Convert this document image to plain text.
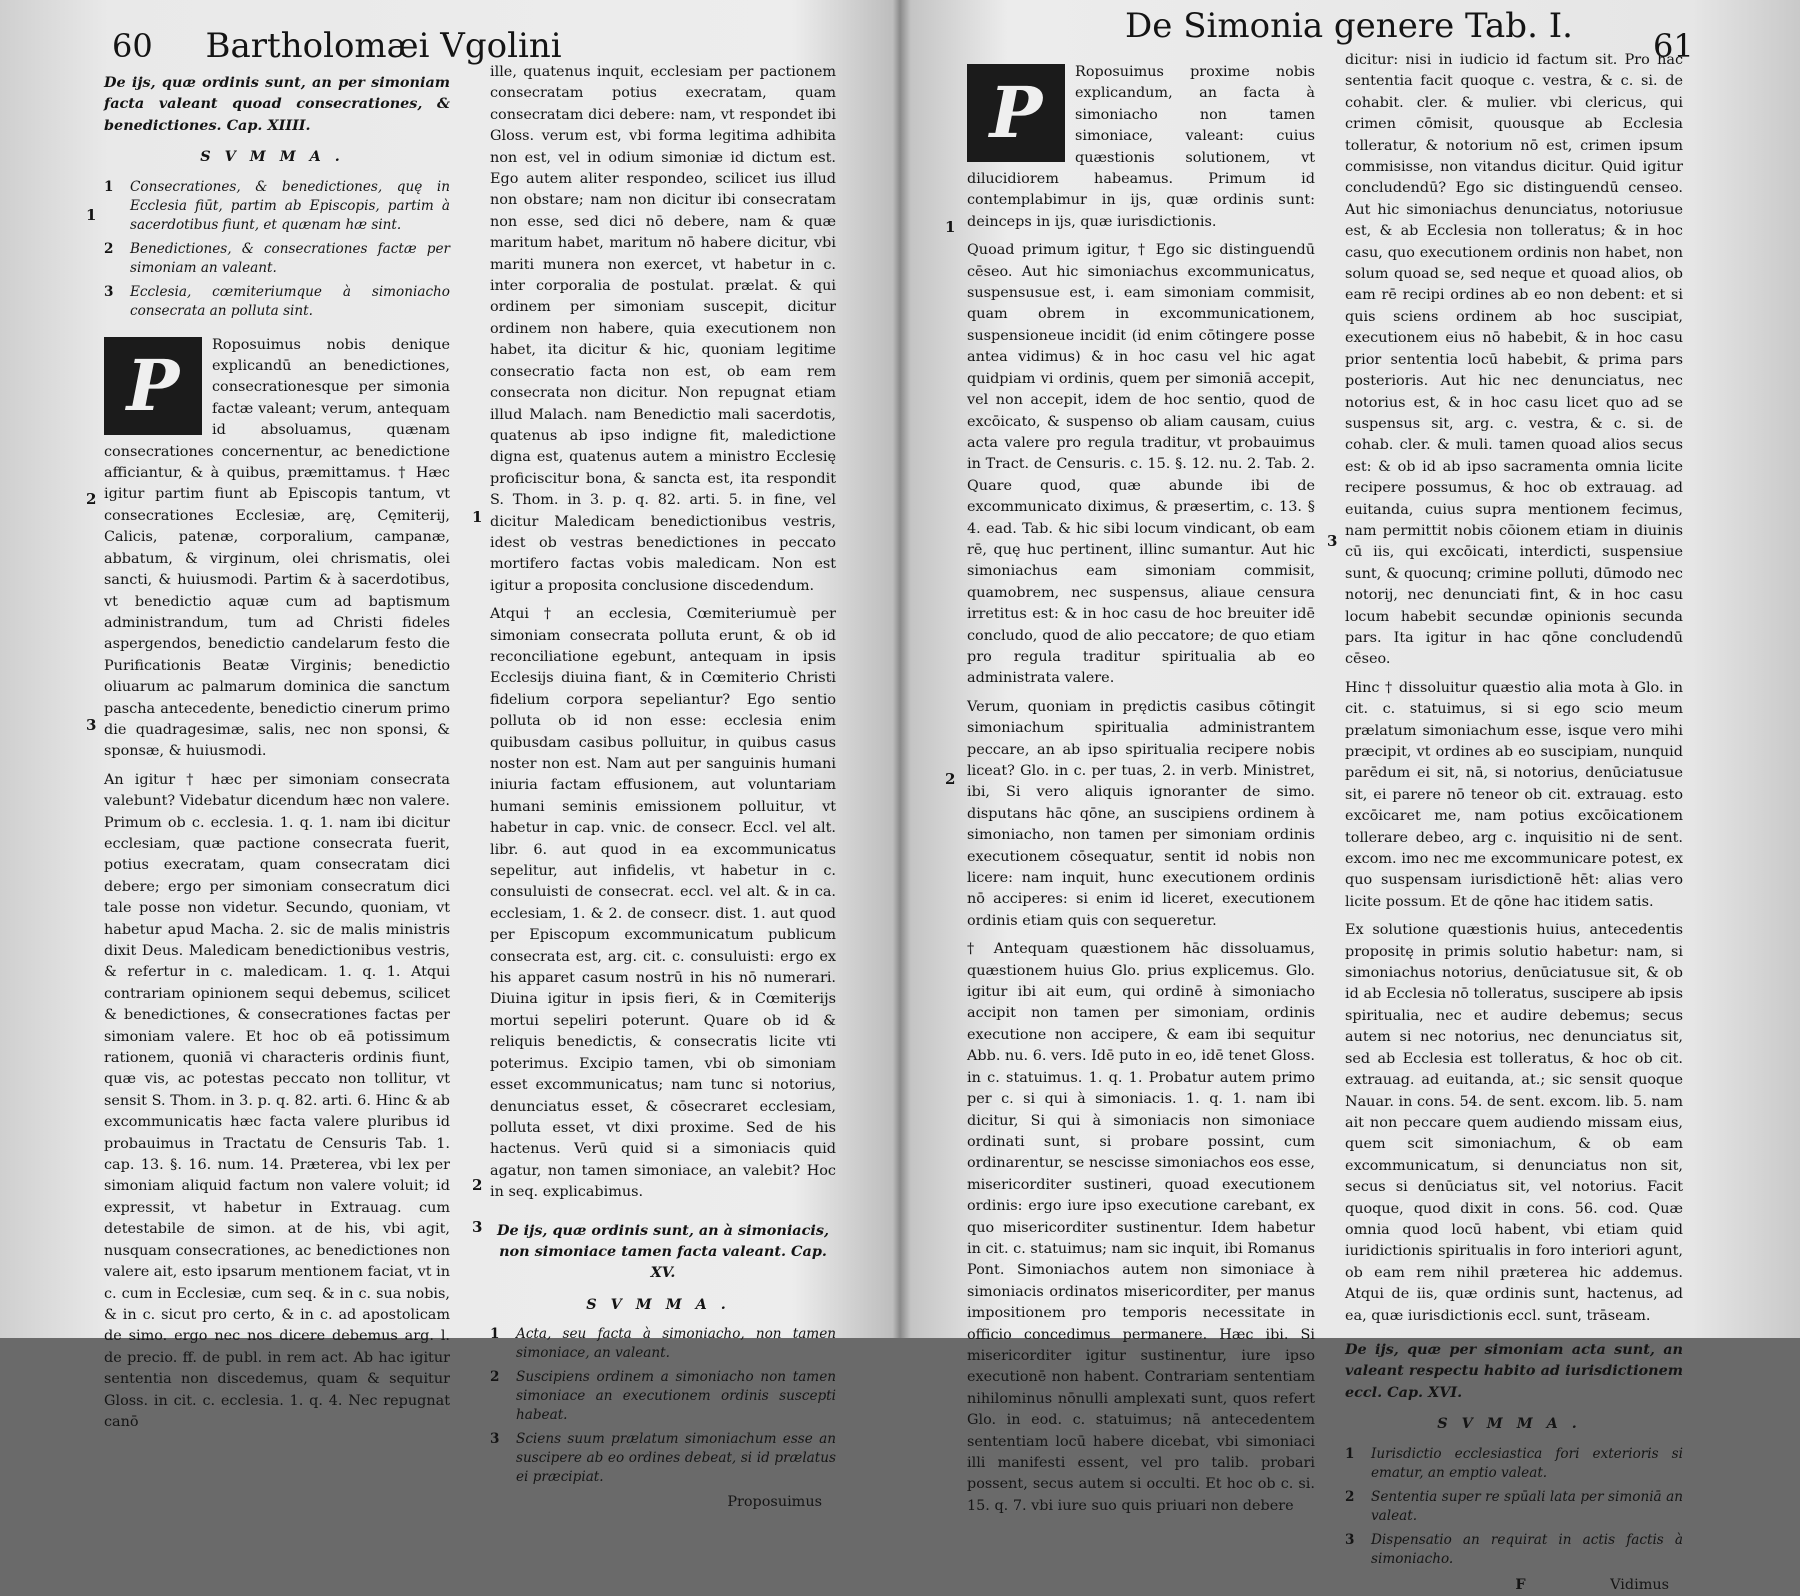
60 Bartholomæi Vgolini
De ijs, quæ ordinis sunt, an per simoniam facta valeant quoad consecrationes, & benedictiones. Cap. XIIII.
SVMMA.
1 Consecrationes, & benedictiones, quę in Ecclesia fiūt, partim ab Episcopis, partim à sacerdotibus fiunt, et quænam hæ sint.
2 Benedictiones, & consecrationes factæ per simoniam an valeant.
3 Ecclesia, cœmiteriumque à simoniacho consecrata an polluta sint.

P	Roposuimus nobis denique explicandū an benedictiones, consecrationesque per simonia factæ valeant; verum, antequam id absoluamus, quænam consecrationes concernentur, ac benedictione afficiantur, & à quibus, præmittamus. † Hæc igitur partim fiunt ab Episcopis tantum, vt consecrationes Ecclesiæ, arę, Cęmiterij, Calicis, patenæ, corporalium, campanæ, abbatum, & virginum, olei chrismatis, olei sancti, & huiusmodi. Partim & à sacerdotibus, vt benedictio aquæ cum ad baptismum administrandum, tum ad Christi fideles aspergendos, benedictio candelarum festo die Purificationis Beatæ Virginis; benedictio oliuarum ac palmarum dominica die sanctum pascha antecedente, benedictio cinerum primo die quadragesimæ, salis, nec non sponsi, & sponsæ, & huiusmodi.

An igitur † hæc per simoniam consecrata valebunt? Videbatur dicendum hæc non valere. Primum ob c. ecclesia. 1. q. 1. nam ibi dicitur ecclesiam, quæ pactione consecrata fuerit, potius execratam, quam consecratam dici debere; ergo per simoniam consecratum dici tale posse non videtur. Secundo, quoniam, vt habetur apud Macha. 2. sic de malis ministris dixit Deus. Maledicam benedictionibus vestris, & refertur in c. maledicam. 1. q. 1. Atqui contrariam opinionem sequi debemus, scilicet & benedictiones, & consecrationes factas per simoniam valere. Et hoc ob eā potissimum rationem, quoniā vi characteris ordinis fiunt, quæ vis, ac potestas peccato non tollitur, vt sensit S. Thom. in 3. p. q. 82. arti. 6. Hinc & ab excommunicatis hæc facta valere pluribus id probauimus in Tractatu de Censuris Tab. 1. cap. 13. §. 16. num. 14. Præterea, vbi lex per simoniam aliquid factum non valere voluit; id expressit, vt habetur in Extrauag. cum detestabile de simon. at de his, vbi agit, nusquam consecrationes, ac benedictiones non valere ait, esto ipsarum mentionem faciat, vt in c. cum in Ecclesiæ, cum seq. & in c. sua nobis, & in c. sicut pro certo, & in c. ad apostolicam de simo. ergo nec nos dicere debemus arg. l. de precio. ff. de publ. in rem act. Ab hac igitur sententia non discedemus, quam & sequitur Gloss. in cit. c. ecclesia. 1. q. 4. Nec repugnat canō

ille, quatenus inquit, ecclesiam per pactionem consecratam potius execratam, quam consecratam dici debere: nam, vt respondet ibi Gloss. verum est, vbi forma legitima adhibita non est, vel in odium simoniæ id dictum est. Ego autem aliter respondeo, scilicet ius illud non obstare; nam non dicitur ibi consecratam non esse, sed dici nō debere, nam & quæ maritum habet, maritum nō habere dicitur, vbi mariti munera non exercet, vt habetur in c. inter corporalia de postulat. prælat. & qui ordinem per simoniam suscepit, dicitur ordinem non habere, quia executionem non habet, ita dicitur & hic, quoniam legitime consecratio facta non est, ob eam rem consecrata non dicitur. Non repugnat etiam illud Malach. nam Benedictio mali sacerdotis, quatenus ab ipso indigne fit, maledictione digna est, quatenus autem a ministro Ecclesię proficiscitur bona, & sancta est, ita respondit S. Thom. in 3. p. q. 82. arti. 5. in fine, vel dicitur Maledicam benedictionibus vestris, idest ob vestras benedictiones in peccato mortifero factas vobis maledicam. Non est igitur a proposita conclusione discedendum.

Atqui † an ecclesia, Cœmiteriumuè per simoniam consecrata polluta erunt, & ob id reconciliatione egebunt, antequam in ipsis Ecclesijs diuina fiant, & in Cœmiterio Christi fidelium corpora sepeliantur? Ego sentio polluta ob id non esse: ecclesia enim quibusdam casibus polluitur, in quibus casus noster non est. Nam aut per sanguinis humani iniuria factam effusionem, aut voluntariam humani seminis emissionem polluitur, vt habetur in cap. vnic. de consecr. Eccl. vel alt. libr. 6. aut quod in ea excommunicatus sepelitur, aut infidelis, vt habetur in c. consuluisti de consecrat. eccl. vel alt. & in ca. ecclesiam, 1. & 2. de consecr. dist. 1. aut quod per Episcopum excommunicatum publicum consecrata est, arg. cit. c. consuluisti: ergo ex his apparet casum nostrū in his nō numerari. Diuina igitur in ipsis fieri, & in Cœmiterijs mortui sepeliri poterunt. Quare ob id & reliquis benedictis, & consecratis licite vti poterimus. Excipio tamen, vbi ob simoniam esset excommunicatus; nam tunc si notorius, denunciatus esset, & cōsecraret ecclesiam, polluta esset, vt dixi proxime. Sed de his hactenus. Verū quid si a simoniacis quid agatur, non tamen simoniace, an valebit? Hoc in seq. explicabimus.

De ijs, quæ ordinis sunt, an à simoniacis, non simoniace tamen facta valeant. Cap. XV.
SVMMA.
1 Acta, seu facta à simoniacho, non tamen simoniace, an valeant.
2 Suscipiens ordinem a simoniacho non tamen simoniace an executionem ordinis suscepti habeat.
3 Sciens suum prælatum simoniachum esse an suscipere ab eo ordines debeat, si id prælatus ei præcipiat.
Proposuimus
1
2
3
1
2
3
De Simonia genere Tab. I.	61

P	Roposuimus proxime nobis explicandum, an facta à simoniacho non tamen simoniace, valeant: cuius quæstionis solutionem, vt dilucidiorem habeamus. Primum id contemplabimur in ijs, quæ ordinis sunt: deinceps in ijs, quæ iurisdictionis.

Quoad primum igitur, † Ego sic distinguendū cēseo. Aut hic simoniachus excommunicatus, suspensusue est, i. eam simoniam commisit, quam obrem in excommunicationem, suspensioneue incidit (id enim cōtingere posse antea vidimus) & in hoc casu vel hic agat quidpiam vi ordinis, quem per simoniā accepit, vel non accepit, idem de hoc sentio, quod de excōicato, & suspenso ob aliam causam, cuius acta valere pro regula traditur, vt probauimus in Tract. de Censuris. c. 15. §. 12. nu. 2. Tab. 2. Quare quod, quæ abunde ibi de excommunicato diximus, & præsertim, c. 13. § 4. ead. Tab. & hic sibi locum vindicant, ob eam rē, quę huc pertinent, illinc sumantur. Aut hic simoniachus eam simoniam commisit, quamobrem, nec suspensus, aliaue censura irretitus est: & in hoc casu de hoc breuiter idē concludo, quod de alio peccatore; de quo etiam pro regula traditur spiritualia ab eo administrata valere.

Verum, quoniam in prędictis casibus cōtingit simoniachum spiritualia administrantem peccare, an ab ipso spiritualia recipere nobis liceat? Glo. in c. per tuas, 2. in verb. Ministret, ibi, Si vero aliquis ignoranter de simo. disputans hāc qōne, an suscipiens ordinem à simoniacho, non tamen per simoniam ordinis executionem cōsequatur, sentit id nobis non licere: nam inquit, hunc executionem ordinis nō acciperes: si enim id liceret, executionem ordinis etiam quis con sequeretur.

† Antequam quæstionem hāc dissoluamus, quæstionem huius Glo. prius explicemus. Glo. igitur ibi ait eum, qui ordinē à simoniacho accipit non tamen per simoniam, ordinis executione non accipere, & eam ibi sequitur Abb. nu. 6. vers. Idē puto in eo, idē tenet Gloss. in c. statuimus. 1. q. 1. Probatur autem primo per c. si qui à simoniacis. 1. q. 1. nam ibi dicitur, Si qui à simoniacis non simoniace ordinati sunt, si probare possint, cum ordinarentur, se nescisse simoniachos eos esse, misericorditer sustineri, quoad executionem ordinis: ergo iure ipso executione carebant, ex quo misericorditer sustinentur. Idem habetur in cit. c. statuimus; nam sic inquit, ibi Romanus Pont. Simoniachos autem non simoniace à simoniacis ordinatos misericorditer, per manus impositionem pro temporis necessitate in officio concedimus permanere. Hæc ibi. Si misericorditer igitur sustinentur, iure ipso executionē non habent. Contrariam sententiam nihilominus nōnulli amplexati sunt, quos refert Glo. in eod. c. statuimus; nā antecedentem sententiam locū habere dicebat, vbi simoniaci illi manifesti essent, vel pro talib. probari possent, secus autem si occulti. Et hoc ob c. si. 15. q. 7. vbi iure suo quis priuari non debere

dicitur: nisi in iudicio id factum sit. Pro hac sententia facit quoque c. vestra, & c. si. de cohabit. cler. & mulier. vbi clericus, qui crimen cōmisit, quousque ab Ecclesia tolleratur, & notorium nō est, crimen ipsum commisisse, non vitandus dicitur. Quid igitur concludendū? Ego sic distinguendū censeo. Aut hic simoniachus denunciatus, notoriusue est, & ab Ecclesia non tolleratus; & in hoc casu, quo executionem ordinis non habet, non solum quoad se, sed neque et quoad alios, ob eam rē recipi ordines ab eo non debent: et si quis sciens ordinem ab hoc suscipiat, executionem eius nō habebit, & in hoc casu prior sententia locū habebit, & prima pars posterioris. Aut hic nec denunciatus, nec notorius est, & in hoc casu licet quo ad se suspensus sit, arg. c. vestra, & c. si. de cohab. cler. & muli. tamen quoad alios secus est: & ob id ab ipso sacramenta omnia licite recipere possumus, & hoc ob extrauag. ad euitanda, cuius supra mentionem fecimus, nam permittit nobis cōionem etiam in diuinis cū iis, qui excōicati, interdicti, suspensiue sunt, & quocunq; crimine polluti, dūmodo nec notorij, nec denunciati fint, & in hoc casu locum habebit secundæ opinionis secunda pars. Ita igitur in hac qōne concludendū cēseo.

Hinc † dissoluitur quæstio alia mota à Glo. in cit. c. statuimus, si si ego scio meum prælatum simoniachum esse, isque vero mihi præcipit, vt ordines ab eo suscipiam, nunquid parēdum ei sit, nā, si notorius, denūciatusue sit, ei parere nō teneor ob cit. extrauag. esto excōicaret me, nam potius excōicationem tollerare debeo, arg c. inquisitio ni de sent. excom. imo nec me excommunicare potest, ex quo suspensam iurisdictionē hēt: alias vero licite possum. Et de qōne hac itidem satis.

Ex solutione quæstionis huius, antecedentis propositę in primis solutio habetur: nam, si simoniachus notorius, denūciatusue sit, & ob id ab Ecclesia nō tolleratus, suscipere ab ipsis spiritualia, nec et audire debemus; secus autem si nec notorius, nec denunciatus sit, sed ab Ecclesia est tolleratus, & hoc ob cit. extrauag. ad euitanda, at.; sic sensit quoque Nauar. in cons. 54. de sent. excom. lib. 5. nam ait non peccare quem audiendo missam eius, quem scit simoniachum, & ob eam excommunicatum, si denunciatus non sit, secus si denūciatus sit, vel notorius. Facit quoque, quod dixit in cons. 56. cod. Quæ omnia quod locū habent, vbi etiam quid iuridictionis spiritualis in foro interiori agunt, ob eam rem nihil præterea hic addemus. Atqui de iis, quæ ordinis sunt, hactenus, ad ea, quæ iurisdictionis eccl. sunt, trāseam.

De ijs, quæ per simoniam acta sunt, an valeant respectu habito ad iurisdictionem eccl. Cap. XVI.
SVMMA.
1 Iurisdictio ecclesiastica fori exterioris si ematur, an emptio valeat.
2 Sententia super re spūali lata per simoniā an valeat.
3 Dispensatio an requirat in actis factis à simoniacho.
F	Vidimus
1
2
3
